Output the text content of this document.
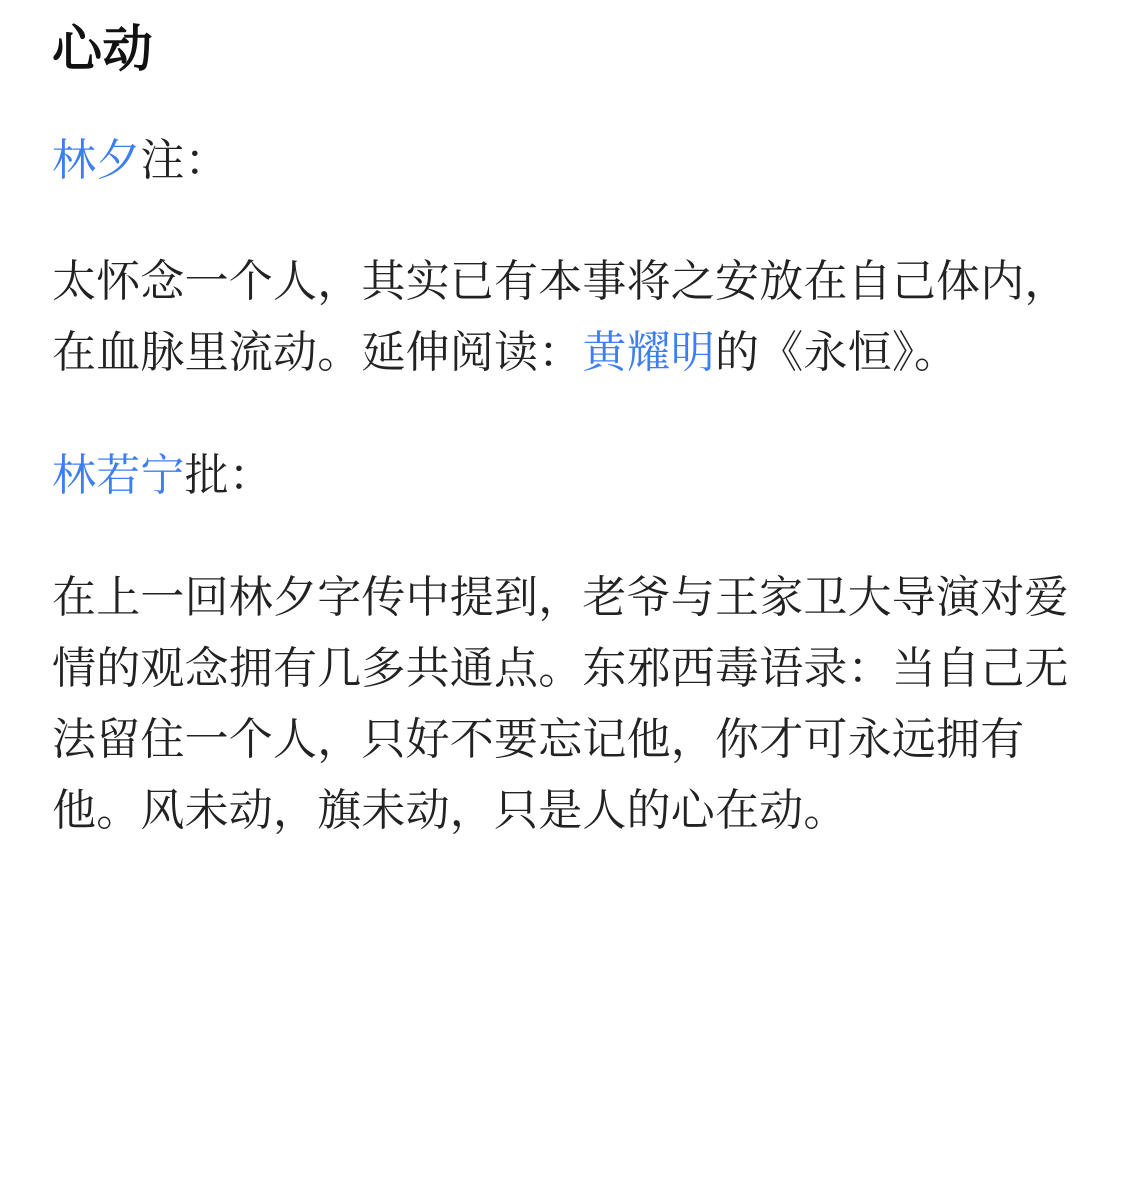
心动

林夕注：

太怀念一个人，其实已有本事将之安放在自己体内，在血脉里流动。延伸阅读：黄耀明的《永恒》。

林若宁批：

在上一回林夕字传中提到，老爷与王家卫大导演对爱情的观念拥有几多共通点。东邪西毒语录：当自己无法留住一个人，只好不要忘记他，你才可永远拥有他。风未动，旗未动，只是人的心在动。
